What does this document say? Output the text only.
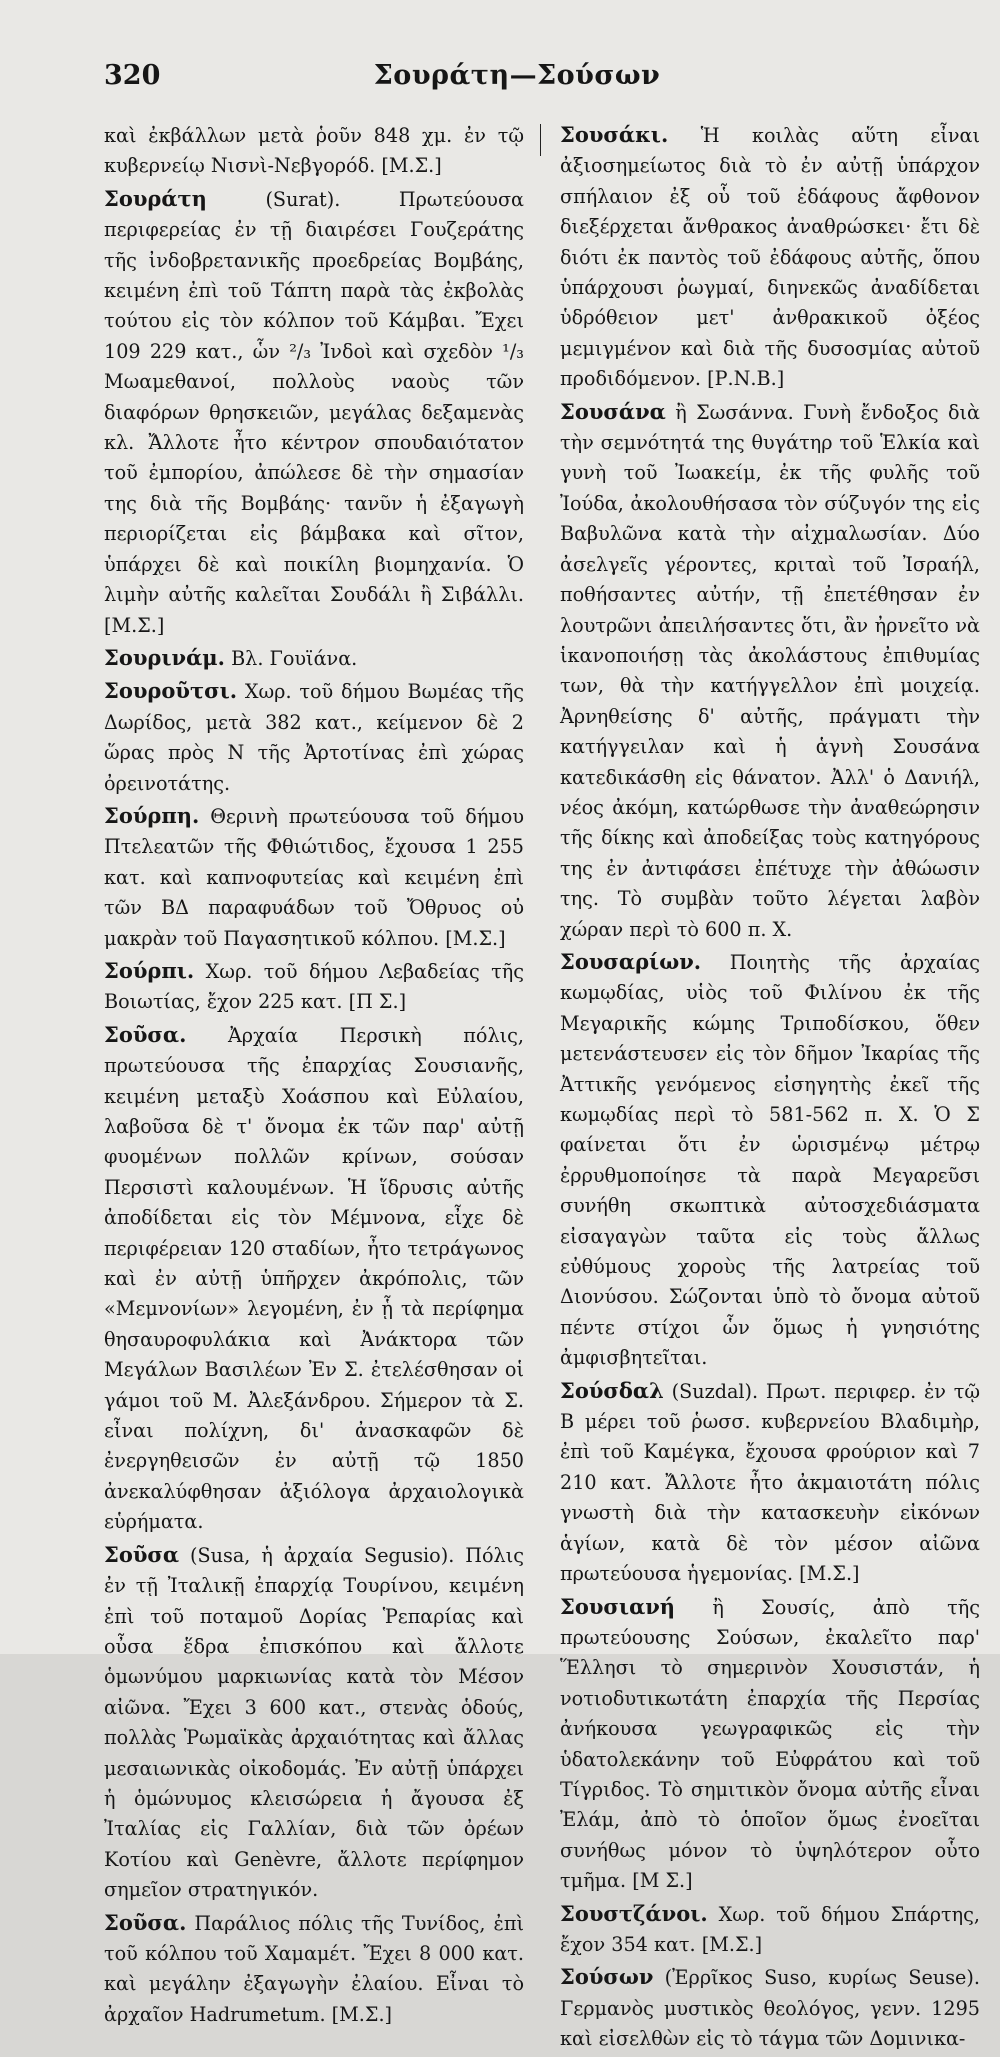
320	Σουράτη—Σούσων

καὶ ἐκβάλλων μετὰ ῥοῦν 848 χμ. ἐν τῷ κυβερνείῳ Νισνὶ-Νεβγορόδ. [Μ.Σ.]

Σουράτη (Surat). Πρωτεύουσα περιφερείας ἐν τῇ διαιρέσει Γουζεράτης τῆς ἰνδοβρετανικῆς προεδρείας Βομβάης, κειμένη ἐπὶ τοῦ Τάπτη παρὰ τὰς ἐκβολὰς τούτου εἰς τὸν κόλπον τοῦ Κάμβαι. Ἔχει 109 229 κατ., ὧν ²/₃ Ἰνδοὶ καὶ σχεδὸν ¹/₃ Μωαμεθανοί, πολλοὺς ναοὺς τῶν διαφόρων θρησκειῶν, μεγάλας δεξαμενὰς κλ. Ἄλλοτε ἦτο κέντρον σπουδαιότατον τοῦ ἐμπορίου, ἀπώλεσε δὲ τὴν σημασίαν της διὰ τῆς Βομβάης· τανῦν ἡ ἐξαγωγὴ περιορίζεται εἰς βάμβακα καὶ σῖτον, ὑπάρχει δὲ καὶ ποικίλη βιομηχανία. Ὁ λιμὴν αὐτῆς καλεῖται Σουδάλι ἢ Σιβάλλι. [Μ.Σ.]

Σουρινάμ. Βλ. Γουϊάνα.

Σουροῦτσι. Χωρ. τοῦ δήμου Βωμέας τῆς Δωρίδος, μετὰ 382 κατ., κείμενον δὲ 2 ὥρας πρὸς Ν τῆς Ἀρτοτίνας ἐπὶ χώρας ὀρεινοτάτης.

Σούρπη. Θερινὴ πρωτεύουσα τοῦ δήμου Πτελεατῶν τῆς Φθιώτιδος, ἔχουσα 1 255 κατ. καὶ καπνοφυτείας καὶ κειμένη ἐπὶ τῶν ΒΔ παραφυάδων τοῦ Ὄθρυος οὐ μακρὰν τοῦ Παγασητικοῦ κόλπου. [Μ.Σ.]

Σούρπι. Χωρ. τοῦ δήμου Λεβαδείας τῆς Βοιωτίας, ἔχον 225 κατ. [Π Σ.]

Σοῦσα. Ἀρχαία Περσικὴ πόλις, πρωτεύουσα τῆς ἐπαρχίας Σουσιανῆς, κειμένη μεταξὺ Χοάσπου καὶ Εὐλαίου, λαβοῦσα δὲ τ' ὄνομα ἐκ τῶν παρ' αὐτῇ φυομένων πολλῶν κρίνων, σούσαν Περσιστὶ καλουμένων. Ἡ ἵδρυσις αὐτῆς ἀποδίδεται εἰς τὸν Μέμνονα, εἶχε δὲ περιφέρειαν 120 σταδίων, ἦτο τετράγωνος καὶ ἐν αὐτῇ ὑπῆρχεν ἀκρόπολις, τῶν «Μεμνονίων» λεγομένη, ἐν ᾗ τὰ περίφημα θησαυροφυλάκια καὶ Ἀνάκτορα τῶν Μεγάλων Βασιλέων Ἐν Σ. ἐτελέσθησαν οἱ γάμοι τοῦ Μ. Ἀλεξάνδρου. Σήμερον τὰ Σ. εἶναι πολίχνη, δι' ἀνασκαφῶν δὲ ἐνεργηθεισῶν ἐν αὐτῇ τῷ 1850 ἀνεκαλύφθησαν ἀξιόλογα ἀρχαιολογικὰ εὑρήματα.

Σοῦσα (Susa, ἡ ἀρχαία Segusio). Πόλις ἐν τῇ Ἰταλικῇ ἐπαρχίᾳ Τουρίνου, κειμένη ἐπὶ τοῦ ποταμοῦ Δορίας Ῥεπαρίας καὶ οὖσα ἕδρα ἐπισκόπου καὶ ἄλλοτε ὁμωνύμου μαρκιωνίας κατὰ τὸν Μέσον αἰῶνα. Ἔχει 3 600 κατ., στενὰς ὁδούς, πολλὰς Ῥωμαϊκὰς ἀρχαιότητας καὶ ἄλλας μεσαιωνικὰς οἰκοδομάς. Ἐν αὐτῇ ὑπάρχει ἡ ὁμώνυμος κλεισώρεια ἡ ἄγουσα ἐξ Ἰταλίας εἰς Γαλλίαν, διὰ τῶν ὀρέων Κοτίου καὶ Genèvre, ἄλλοτε περίφημον σημεῖον στρατηγικόν.

Σοῦσα. Παράλιος πόλις τῆς Τυνίδος, ἐπὶ τοῦ κόλπου τοῦ Χαμαμέτ. Ἔχει 8 000 κατ. καὶ μεγάλην ἐξαγωγὴν ἐλαίου. Εἶναι τὸ ἀρχαῖον Hadrumetum. [Μ.Σ.]

Σουσάκι. Ἡ κοιλὰς αὕτη εἶναι ἀξιοσημείωτος διὰ τὸ ἐν αὐτῇ ὑπάρχον σπήλαιον ἐξ οὗ τοῦ ἐδάφους ἄφθονον διεξέρχεται ἄνθρακος ἀναθρώσκει· ἔτι δὲ διότι ἐκ παντὸς τοῦ ἐδάφους αὐτῆς, ὅπου ὑπάρχουσι ῥωγμαί, διηνεκῶς ἀναδίδεται ὑδρόθειον μετ' ἀνθρακικοῦ ὀξέος μεμιγμένον καὶ διὰ τῆς δυσοσμίας αὐτοῦ προδιδόμενον. [Ρ.Ν.Β.]

Σουσάνα ἢ Σωσάννα. Γυνὴ ἔνδοξος διὰ τὴν σεμνότητά της θυγάτηρ τοῦ Ἑλκία καὶ γυνὴ τοῦ Ἰωακείμ, ἐκ τῆς φυλῆς τοῦ Ἰούδα, ἀκολουθήσασα τὸν σύζυγόν της εἰς Βαβυλῶνα κατὰ τὴν αἰχμαλωσίαν. Δύο ἀσελγεῖς γέροντες, κριταὶ τοῦ Ἰσραήλ, ποθήσαντες αὐτήν, τῇ ἐπετέθησαν ἐν λουτρῶνι ἀπειλήσαντες ὅτι, ἂν ἠρνεῖτο νὰ ἱκανοποιήσῃ τὰς ἀκολάστους ἐπιθυμίας των, θὰ τὴν κατήγγελλον ἐπὶ μοιχείᾳ. Ἀρνηθείσης δ' αὐτῆς, πράγματι τὴν κατήγγειλαν καὶ ἡ ἁγνὴ Σουσάνα κατεδικάσθη εἰς θάνατον. Ἀλλ' ὁ Δανιήλ, νέος ἀκόμη, κατώρθωσε τὴν ἀναθεώρησιν τῆς δίκης καὶ ἀποδείξας τοὺς κατηγόρους της ἐν ἀντιφάσει ἐπέτυχε τὴν ἀθώωσιν της. Τὸ συμβὰν τοῦτο λέγεται λαβὸν χώραν περὶ τὸ 600 π. Χ.

Σουσαρίων. Ποιητὴς τῆς ἀρχαίας κωμῳδίας, υἱὸς τοῦ Φιλίνου ἐκ τῆς Μεγαρικῆς κώμης Τριποδίσκου, ὅθεν μετενάστευσεν εἰς τὸν δῆμον Ἰκαρίας τῆς Ἀττικῆς γενόμενος εἰσηγητὴς ἐκεῖ τῆς κωμῳδίας περὶ τὸ 581-562 π. Χ. Ὁ Σ φαίνεται ὅτι ἐν ὡρισμένῳ μέτρῳ ἐρρυθμοποίησε τὰ παρὰ Μεγαρεῦσι συνήθη σκωπτικὰ αὐτοσχεδιάσματα εἰσαγαγὼν ταῦτα εἰς τοὺς ἄλλως εὐθύμους χοροὺς τῆς λατρείας τοῦ Διονύσου. Σώζονται ὑπὸ τὸ ὄνομα αὐτοῦ πέντε στίχοι ὧν ὅμως ἡ γνησιότης ἀμφισβητεῖται.

Σούσδαλ (Suzdal). Πρωτ. περιφερ. ἐν τῷ Β μέρει τοῦ ῥωσσ. κυβερνείου Βλαδιμὴρ, ἐπὶ τοῦ Καμέγκα, ἔχουσα φρούριον καὶ 7 210 κατ. Ἄλλοτε ἦτο ἀκμαιοτάτη πόλις γνωστὴ διὰ τὴν κατασκευὴν εἰκόνων ἁγίων, κατὰ δὲ τὸν μέσον αἰῶνα πρωτεύουσα ἡγεμονίας. [Μ.Σ.]

Σουσιανή ἢ Σουσίς, ἀπὸ τῆς πρωτεύουσης Σούσων, ἐκαλεῖτο παρ' Ἕλλησι τὸ σημερινὸν Χουσιστάν, ἡ νοτιοδυτικωτάτη ἐπαρχία τῆς Περσίας ἀνήκουσα γεωγραφικῶς εἰς τὴν ὑδατολεκάνην τοῦ Εὐφράτου καὶ τοῦ Τίγριδος. Τὸ σημιτικὸν ὄνομα αὐτῆς εἶναι Ἐλάμ, ἀπὸ τὸ ὁποῖον ὅμως ἐνοεῖται συνήθως μόνον τὸ ὑψηλότερον οὗτο τμῆμα. [Μ Σ.]

Σουστζάνοι. Χωρ. τοῦ δήμου Σπάρτης, ἔχον 354 κατ. [Μ.Σ.]

Σούσων (Ἐρρῖκος Suso, κυρίως Seuse). Γερμανὸς μυστικὸς θεολόγος, γενν. 1295 καὶ εἰσελθὼν εἰς τὸ τάγμα τῶν Δομινικα-
